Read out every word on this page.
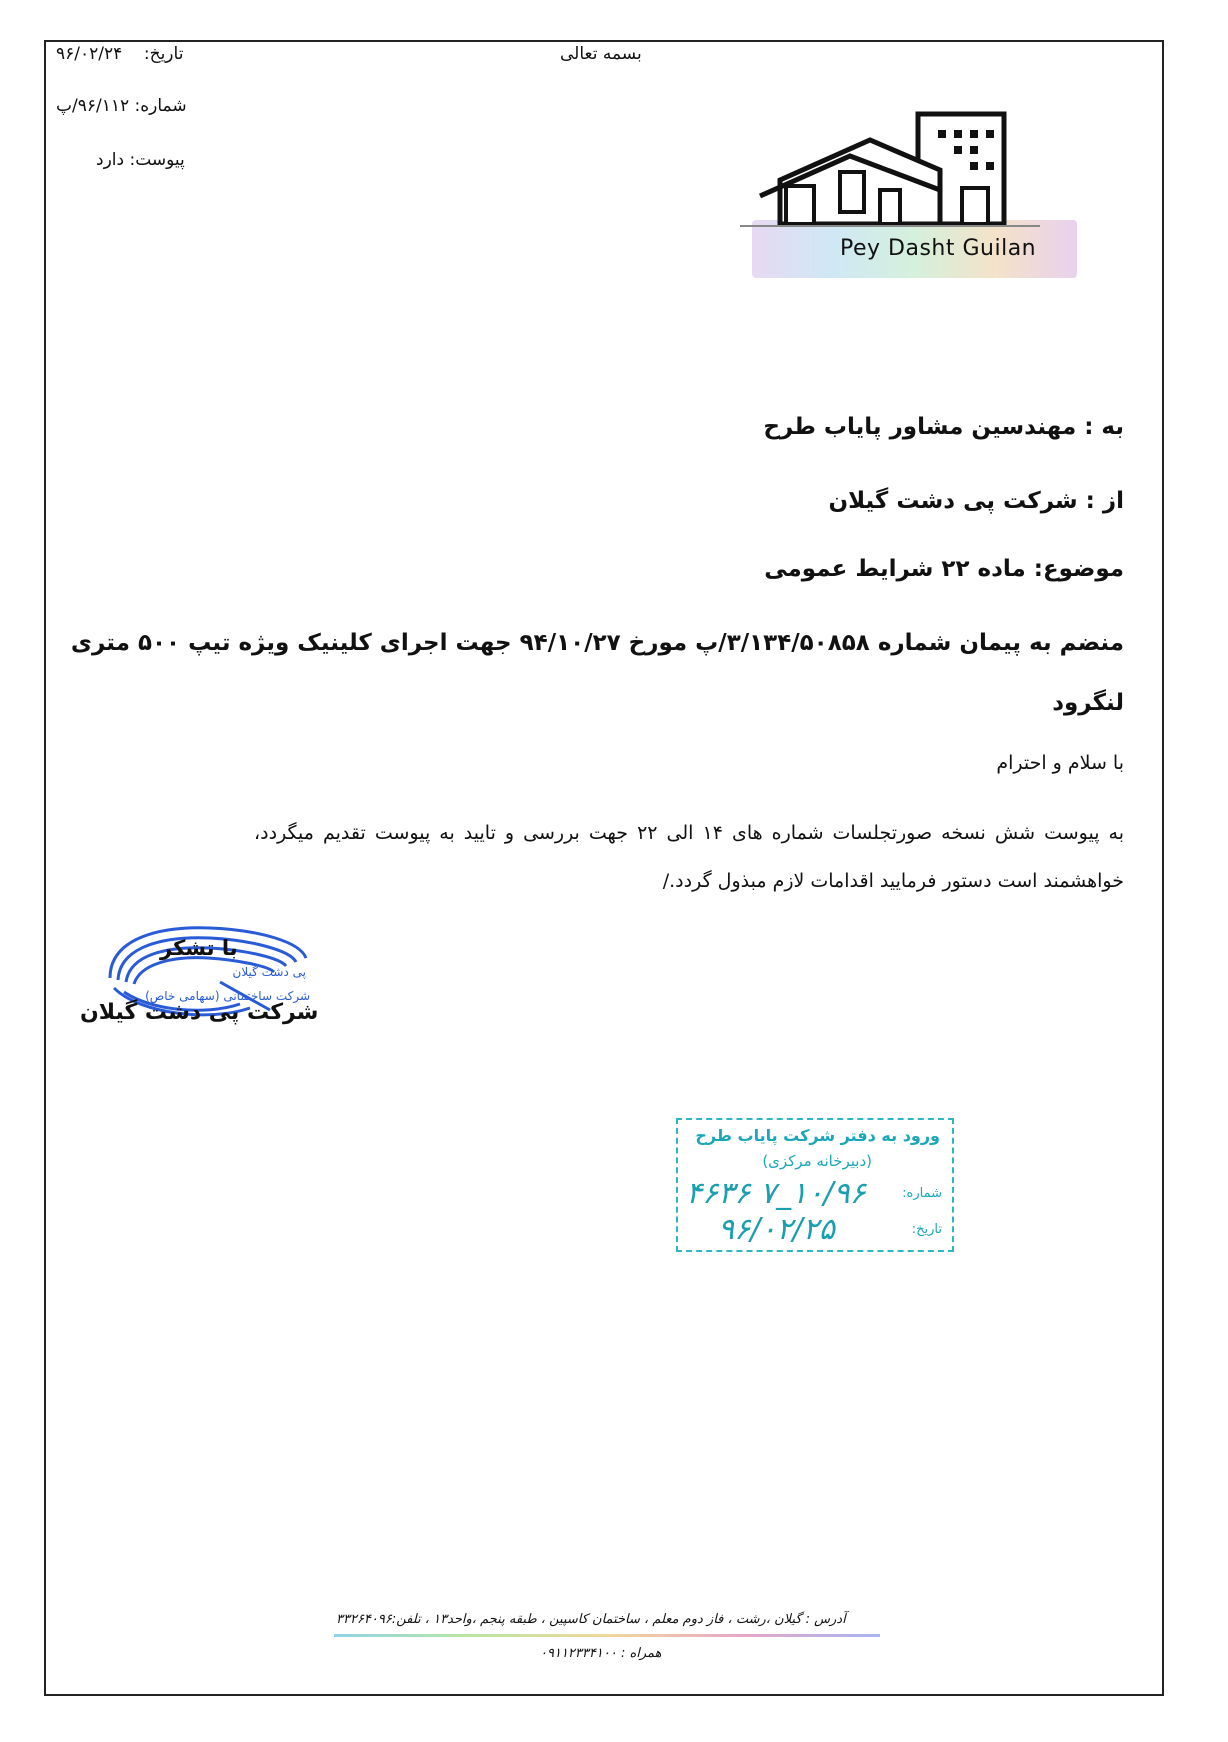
بسمه تعالی
تاریخ:    ۹۶/۰۲/۲۴
شماره: ۹۶/۱۱۲/پ
پیوست: دارد
Pey Dasht Guilan
به : مهندسین مشاور پایاب طرح
از : شرکت پی دشت گیلان
موضوع: ماده ۲۲ شرایط عمومی
منضم به پیمان شماره ۳/۱۳۴/۵۰۸۵۸/پ مورخ ۹۴/۱۰/۲۷ جهت اجرای کلینیک ویژه تیپ ۵۰۰ متری
لنگرود
با سلام و احترام
به پیوست شش نسخه صورتجلسات شماره های ۱۴ الی ۲۲ جهت بررسی و تایید به پیوست تقدیم میگردد،
خواهشمند است دستور فرمایید اقدامات لازم مبذول گردد./
پی دشت گیلان
شرکت ساختمانی (سهامی خاص)
با تشکر
شرکت پی دشت گیلان
ورود به دفتر شرکت پایاب طرح
(دبیرخانه مرکزی)
شماره:
۱۰/۹۶_۷ ۴۶۳۶
تاریخ:
۹۶/۰۲/۲۵
آدرس : گیلان ،رشت ، فاز دوم معلم ، ساختمان کاسپین ، طبقه پنجم ،واحد۱۳ ، تلفن:۳۳۲۶۴۰۹۶
همراه : ۰۹۱۱۲۳۳۴۱۰۰
